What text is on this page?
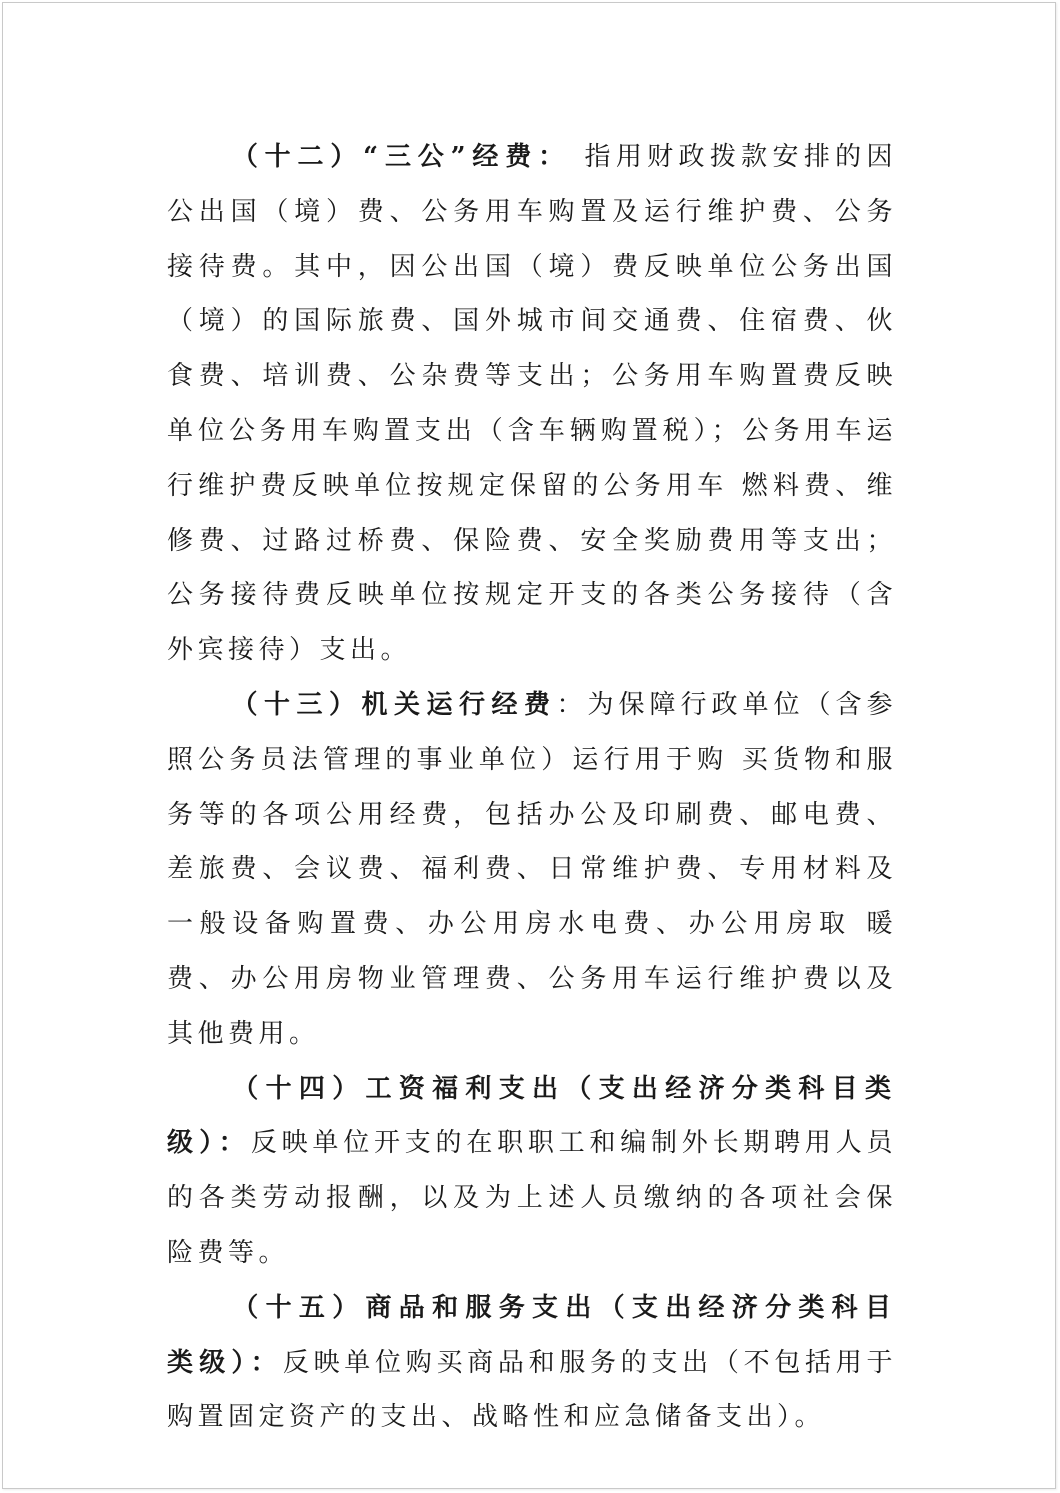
（十二）“三公”经费： 指用财政拨款安排的因公出国（境）费、公务用车购置及运行维护费、公务接待费。其中，因公出国（境）费反映单位公务出国（境）的国际旅费、国外城市间交通费、住宿费、伙食费、培训费、公杂费等支出；公务用车购置费反映单位公务用车购置支出（含车辆购置税）；公务用车运行维护费反映单位按规定保留的公务用车 燃料费、维修费、过路过桥费、保险费、安全奖励费用等支出；公务接待费反映单位按规定开支的各类公务接待（含外宾接待）支出。

（十三）机关运行经费：为保障行政单位（含参照公务员法管理的事业单位）运行用于购 买货物和服务等的各项公用经费，包括办公及印刷费、邮电费、差旅费、会议费、福利费、日常维护费、专用材料及一般设备购置费、办公用房水电费、办公用房取 暖费、办公用房物业管理费、公务用车运行维护费以及其他费用。

（十四）工资福利支出（支出经济分类科目类级）：反映单位开支的在职职工和编制外长期聘用人员的各类劳动报酬，以及为上述人员缴纳的各项社会保险费等。

（十五）商品和服务支出（支出经济分类科目类级）：反映单位购买商品和服务的支出（不包括用于购置固定资产的支出、战略性和应急储备支出）。
